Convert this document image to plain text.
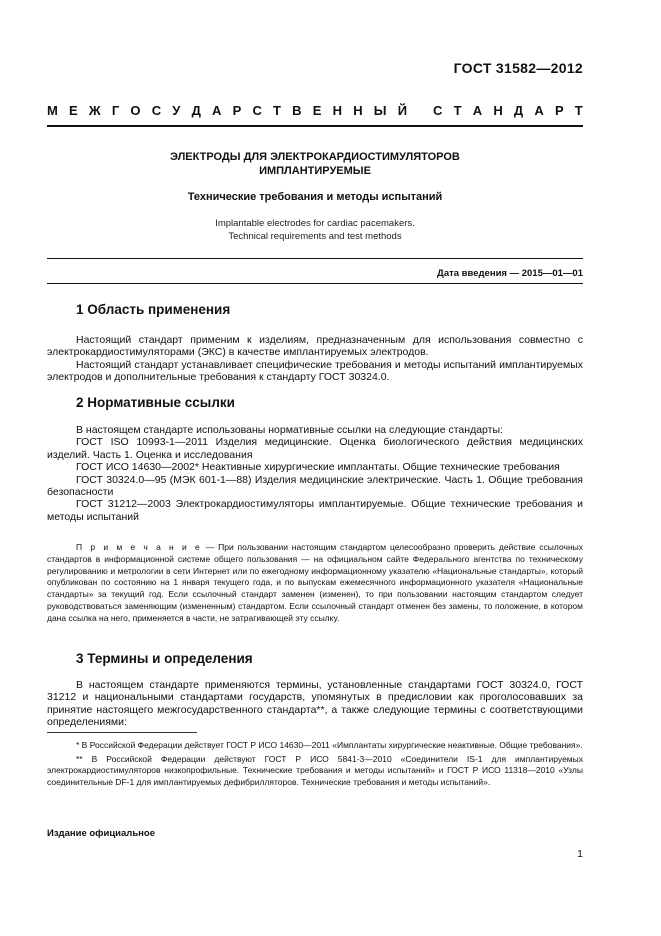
ГОСТ 31582—2012
М Е Ж Г О С У Д А Р С Т В Е Н Н Ы Й
С Т А Н Д А Р Т
ЭЛЕКТРОДЫ ДЛЯ ЭЛЕКТРОКАРДИОСТИМУЛЯТОРОВ
ИМПЛАНТИРУЕМЫЕ
Технические требования и методы испытаний
Implantable electrodes for cardiac pacemakers.
Technical requirements and test methods
Дата введения — 2015—01—01
1 Область применения

Настоящий стандарт применим к изделиям, предназначенным для использования совместно с электрокардиостимуляторами (ЭКС) в качестве имплантируемых электродов.

Настоящий стандарт устанавливает специфические требования и методы испытаний имплантируемых электродов и дополнительные требования к стандарту ГОСТ 30324.0.

2 Нормативные ссылки

В настоящем стандарте использованы нормативные ссылки на следующие стандарты:

ГОСТ ISO 10993-1—2011 Изделия медицинские. Оценка биологического действия медицинских изделий. Часть 1. Оценка и исследования

ГОСТ ИСО 14630—2002* Неактивные хирургические имплантаты. Общие технические требования

ГОСТ 30324.0—95 (МЭК 601-1—88) Изделия медицинские электрические. Часть 1. Общие требования безопасности

ГОСТ 31212—2003 Электрокардиостимуляторы имплантируемые. Общие технические требования и методы испытаний

П р и м е ч а н и е — При пользовании настоящим стандартом целесообразно проверить действие ссылочных стандартов в информационной системе общего пользования — на официальном сайте Федерального агентства по техническому регулированию и метрологии в сети Интернет или по ежегодному информационному указателю «Национальные стандарты», который опубликован по состоянию на 1 января текущего года, и по выпускам ежемесячного информационного указателя «Национальные стандарты» за текущий год. Если ссылочный стандарт заменен (изменен), то при пользовании настоящим стандартом следует руководствоваться заменяющим (измененным) стандартом. Если ссылочный стандарт отменен без замены, то положение, в котором дана ссылка на него, применяется в части, не затрагивающей эту ссылку.

3 Термины и определения

В настоящем стандарте применяются термины, установленные стандартами ГОСТ 30324.0, ГОСТ 31212 и национальными стандартами государств, упомянутых в предисловии как проголосовавших за принятие настоящего межгосударственного стандарта**, а также следующие термины с соответствующими определениями:

* В Российской Федерации действует ГОСТ Р ИСО 14630—2011 «Имплантаты хирургические неактивные. Общие требования».

** В Российской Федерации действуют ГОСТ Р ИСО 5841-3—2010 «Соединители IS-1 для имплантируемых электрокардиостимуляторов низкопрофильные. Технические требования и методы испытаний» и ГОСТ Р ИСО 11318—2010 «Узлы соединительные DF-1 для имплантируемых дефибрилляторов. Технические требования и методы испытаний».

Издание официальное
1
